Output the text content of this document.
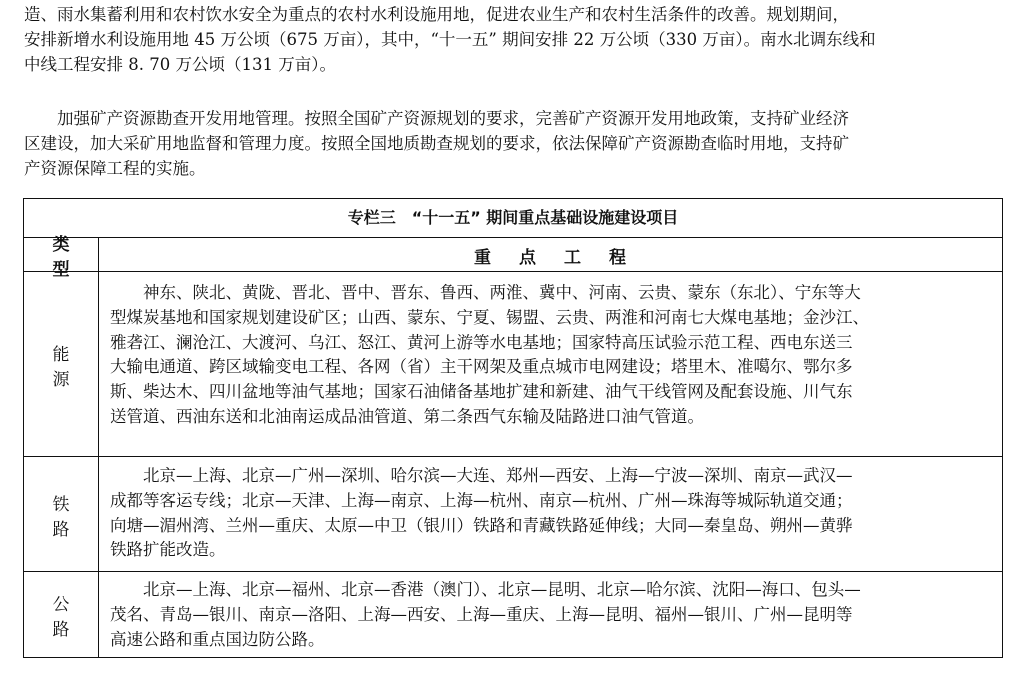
造、雨水集蓄利用和农村饮水安全为重点的农村水利设施用地，促进农业生产和农村生活条件的改善。规划期间，
安排新增水利设施用地 45 万公顷（675 万亩），其中，“十一五” 期间安排 22 万公顷（330 万亩）。南水北调东线和
中线工程安排 8. 70 万公顷（131 万亩）。
加强矿产资源勘查开发用地管理。按照全国矿产资源规划的要求，完善矿产资源开发用地政策，支持矿业经济
区建设，加大采矿用地监督和管理力度。按照全国地质勘查规划的要求，依法保障矿产资源勘查临时用地，支持矿
产资源保障工程的实施。
专栏三　“十一五” 期间重点基础设施建设项目
类型
重点工程
能源
神东、陕北、黄陇、晋北、晋中、晋东、鲁西、两淮、冀中、河南、云贵、蒙东（东北）、宁东等大
型煤炭基地和国家规划建设矿区；山西、蒙东、宁夏、锡盟、云贵、两淮和河南七大煤电基地；金沙江、
雅砻江、澜沧江、大渡河、乌江、怒江、黄河上游等水电基地；国家特高压试验示范工程、西电东送三
大输电通道、跨区域输变电工程、各网（省）主干网架及重点城市电网建设；塔里木、准噶尔、鄂尔多
斯、柴达木、四川盆地等油气基地；国家石油储备基地扩建和新建、油气干线管网及配套设施、川气东
送管道、西油东送和北油南运成品油管道、第二条西气东输及陆路进口油气管道。
铁路
北京—上海、北京—广州—深圳、哈尔滨—大连、郑州—西安、上海—宁波—深圳、南京—武汉—
成都等客运专线；北京—天津、上海—南京、上海—杭州、南京—杭州、广州—珠海等城际轨道交通；
向塘—湄州湾、兰州—重庆、太原—中卫（银川）铁路和青藏铁路延伸线；大同—秦皇岛、朔州—黄骅
铁路扩能改造。
公路
北京—上海、北京—福州、北京—香港（澳门）、北京—昆明、北京—哈尔滨、沈阳—海口、包头—
茂名、青岛—银川、南京—洛阳、上海—西安、上海—重庆、上海—昆明、福州—银川、广州—昆明等
高速公路和重点国边防公路。
